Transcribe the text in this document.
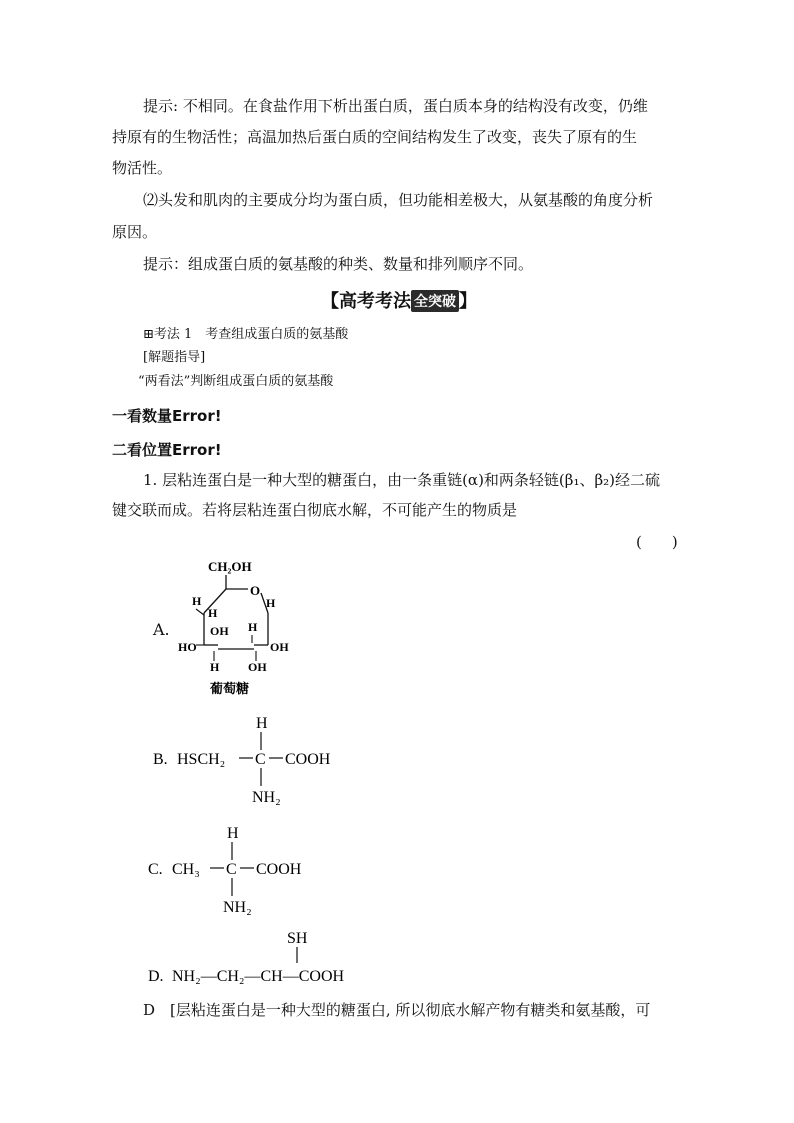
提示: 不相同。在食盐作用下析出蛋白质，蛋白质本身的结构没有改变，仍维
持原有的生物活性；高温加热后蛋白质的空间结构发生了改变，丧失了原有的生
物活性。
⑵头发和肌肉的主要成分均为蛋白质，但功能相差极大，从氨基酸的角度分析
原因。
提示：组成蛋白质的氨基酸的种类、数量和排列顺序不同。
【高考考法 全突破 】
⊞考法 1　考查组成蛋白质的氨基酸
[解题指导]
“两看法”判断组成蛋白质的氨基酸
一看数量Error!
二看位置Error!
1. 层粘连蛋白是一种大型的糖蛋白，由一条重链(α)和两条轻链(β₁、β₂)经二硫
键交联而成。若将层粘连蛋白彻底水解，不可能产生的物质是
(　　)
A.
CH₂OH
O
H
H
OH
H
H
OH
HO
H OH
葡萄糖
H
B. HSCH₂ C COOH
NH₂
H
C. CH₃ C COOH
NH₂
SH
D. NH₂—CH₂—CH—COOH
D　[层粘连蛋白是一种大型的糖蛋白, 所以彻底水解产物有糖类和氨基酸，可
